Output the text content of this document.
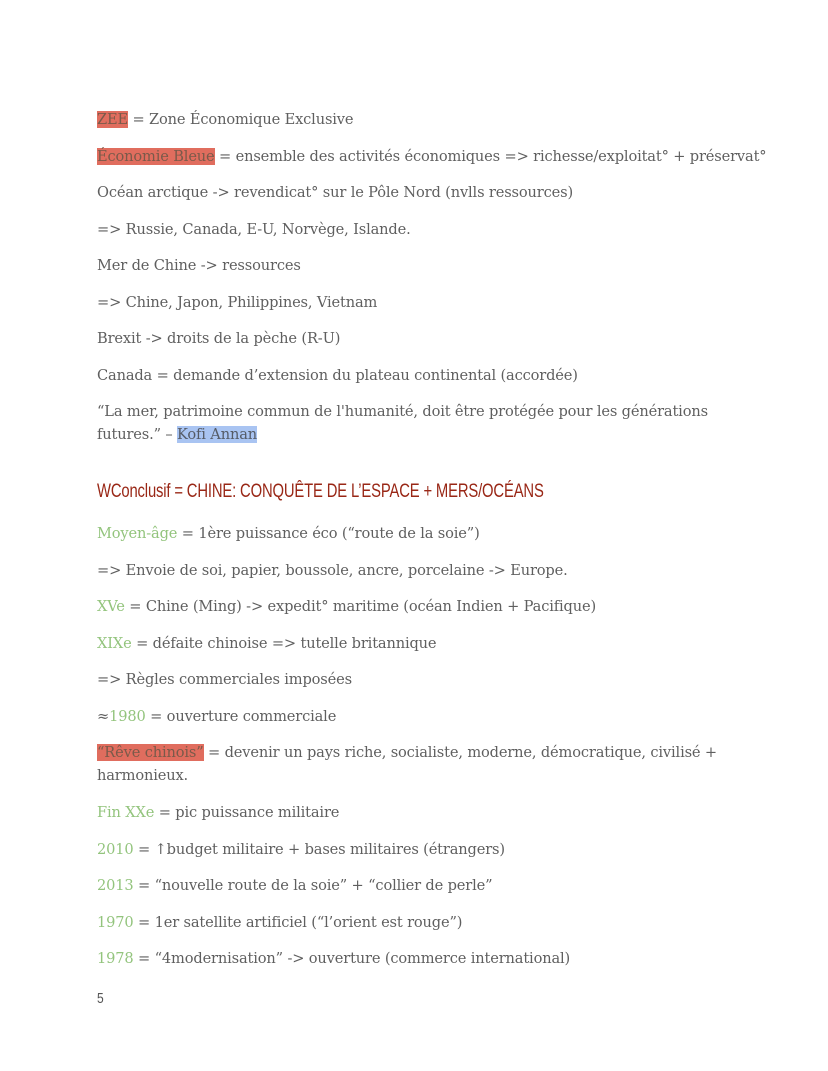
ZEE = Zone Économique Exclusive
Économie Bleue = ensemble des activités économiques => richesse/exploitat° + préservat°
Océan arctique -> revendicat° sur le Pôle Nord (nvlls ressources)
=> Russie, Canada, E-U, Norvège, Islande.
Mer de Chine -> ressources
=> Chine, Japon, Philippines, Vietnam
Brexit -> droits de la pèche (R-U)
Canada = demande d’extension du plateau continental (accordée)
“La mer, patrimoine commun de l'humanité, doit être protégée pour les générations futures.” – Kofi Annan
WConclusif = CHINE: CONQUÊTE DE L’ESPACE + MERS/OCÉANS
Moyen-âge = 1ère puissance éco (“route de la soie”)
=> Envoie de soi, papier, boussole, ancre, porcelaine -> Europe.
XVe = Chine (Ming) -> expedit° maritime (océan Indien + Pacifique)
XIXe = défaite chinoise => tutelle britannique
=> Règles commerciales imposées
≈1980 = ouverture commerciale
“Rêve chinois” = devenir un pays riche, socialiste, moderne, démocratique, civilisé + harmonieux.
Fin XXe = pic puissance militaire
2010 = ↑budget militaire + bases militaires (étrangers)
2013 = “nouvelle route de la soie” + “collier de perle”
1970 = 1er satellite artificiel (“l’orient est rouge”)
1978 = “4modernisation” -> ouverture (commerce international)
5
